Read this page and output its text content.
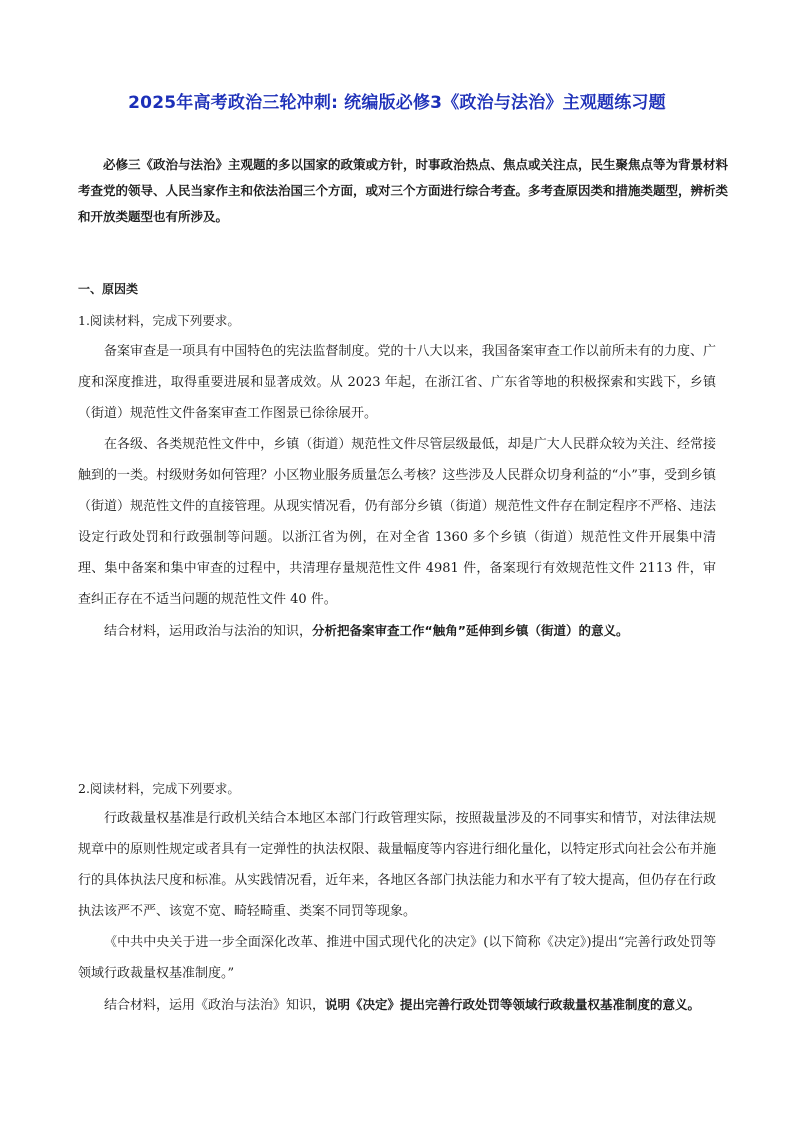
2025年高考政治三轮冲刺: 统编版必修3《政治与法治》主观题练习题

必修三《政治与法治》主观题的多以国家的政策或方针，时事政治热点、焦点或关注点，民生聚焦点等为背景材料考查党的领导、人民当家作主和依法治国三个方面，或对三个方面进行综合考查。多考查原因类和措施类题型，辨析类和开放类题型也有所涉及。

一、原因类

1.阅读材料，完成下列要求。

备案审查是一项具有中国特色的宪法监督制度。党的十八大以来，我国备案审查工作以前所未有的力度、广度和深度推进，取得重要进展和显著成效。从 2023 年起，在浙江省、广东省等地的积极探索和实践下，乡镇（街道）规范性文件备案审查工作图景已徐徐展开。

在各级、各类规范性文件中，乡镇（街道）规范性文件尽管层级最低，却是广大人民群众较为关注、经常接触到的一类。村级财务如何管理？小区物业服务质量怎么考核？这些涉及人民群众切身利益的“小”事，受到乡镇（街道）规范性文件的直接管理。从现实情况看，仍有部分乡镇（街道）规范性文件存在制定程序不严格、违法设定行政处罚和行政强制等问题。以浙江省为例，在对全省 1360 多个乡镇（街道）规范性文件开展集中清理、集中备案和集中审查的过程中，共清理存量规范性文件 4981 件，备案现行有效规范性文件 2113 件，审查纠正存在不适当问题的规范性文件 40 件。

结合材料，运用政治与法治的知识，分析把备案审查工作“触角”延伸到乡镇（街道）的意义。

2.阅读材料，完成下列要求。

行政裁量权基准是行政机关结合本地区本部门行政管理实际，按照裁量涉及的不同事实和情节，对法律法规规章中的原则性规定或者具有一定弹性的执法权限、裁量幅度等内容进行细化量化，以特定形式向社会公布并施行的具体执法尺度和标准。从实践情况看，近年来，各地区各部门执法能力和水平有了较大提高，但仍存在行政执法该严不严、该宽不宽、畸轻畸重、类案不同罚等现象。

《中共中央关于进一步全面深化改革、推进中国式现代化的决定》(以下简称《决定》)提出“完善行政处罚等领域行政裁量权基准制度。”

结合材料，运用《政治与法治》知识，说明《决定》提出完善行政处罚等领域行政裁量权基准制度的意义。
